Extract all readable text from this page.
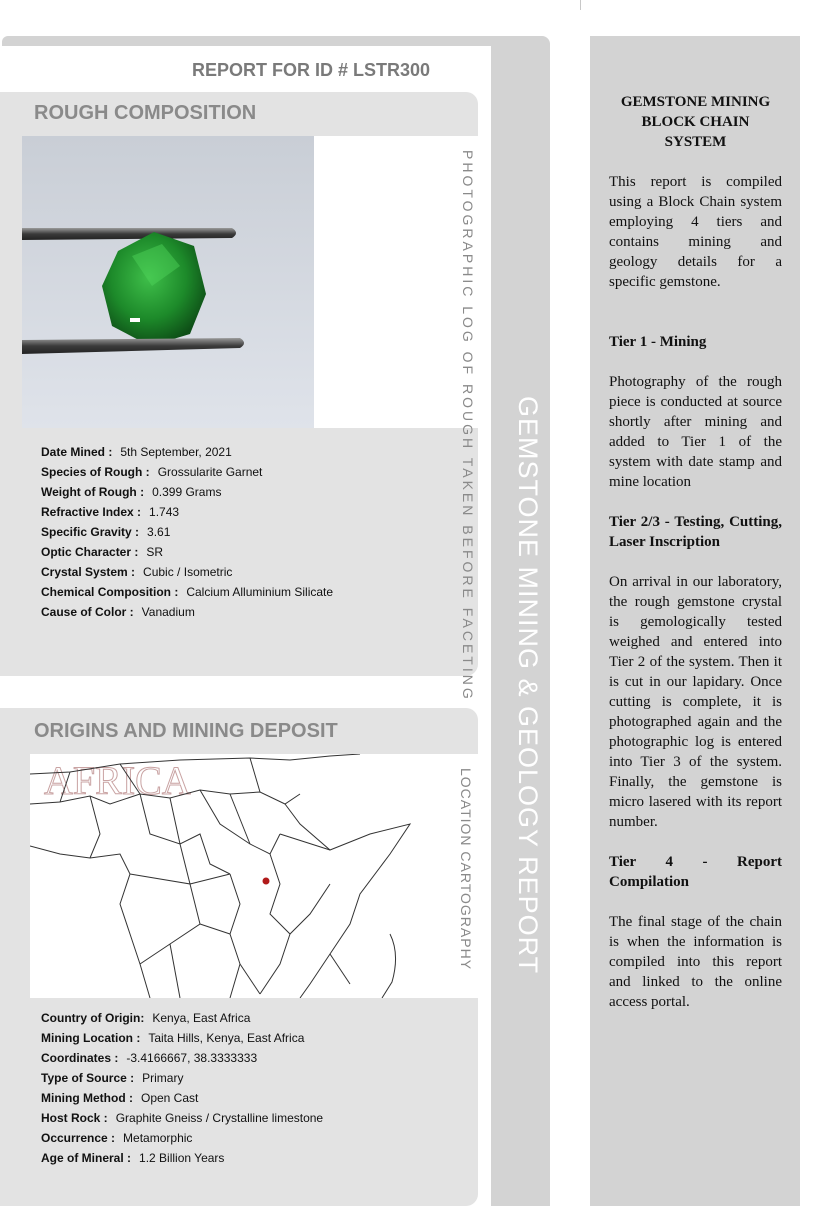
GEMSTONE MINING & GEOLOGY REPORT
REPORT FOR ID # LSTR300
ROUGH COMPOSITION
PHOTOGRAPHIC LOG OF ROUGH TAKEN BEFORE FACETING
Date Mined : 5th September, 2021
Species of Rough : Grossularite Garnet
Weight of Rough : 0.399 Grams
Refractive Index : 1.743
Specific Gravity : 3.61
Optic Character : SR
Crystal System : Cubic / Isometric
Chemical Composition : Calcium Alluminium Silicate
Cause of Color : Vanadium
ORIGINS AND MINING DEPOSIT
AFRICA	LOCATION CARTOGRAPHY
Country of Origin: Kenya, East Africa
Mining Location : Taita Hills, Kenya, East Africa
Coordinates : -3.4166667, 38.3333333
Type of Source : Primary
Mining Method : Open Cast
Host Rock : Graphite Gneiss / Crystalline limestone
Occurrence : Metamorphic
Age of Mineral : 1.2 Billion Years
GEMSTONE MINING BLOCK CHAIN SYSTEM

This report is compiled using a Block Chain system employing 4 tiers and contains mining and geology details for a specific gemstone.

Tier 1 - Mining

Photography of the rough piece is conducted at source shortly after mining and added to Tier 1 of the system with date stamp and mine location

Tier 2/3 - Testing, Cutting, Laser Inscription

On arrival in our laboratory, the rough gemstone crystal is gemologically tested weighed and entered into Tier 2 of the system. Then it is cut in our lapidary. Once cutting is complete, it is photographed again and the photographic log is entered into Tier 3 of the system. Finally, the gemstone is micro lasered with its report number.

Tier 4 - Report Compilation

The final stage of the chain is when the information is compiled into this report and linked to the online access portal.
